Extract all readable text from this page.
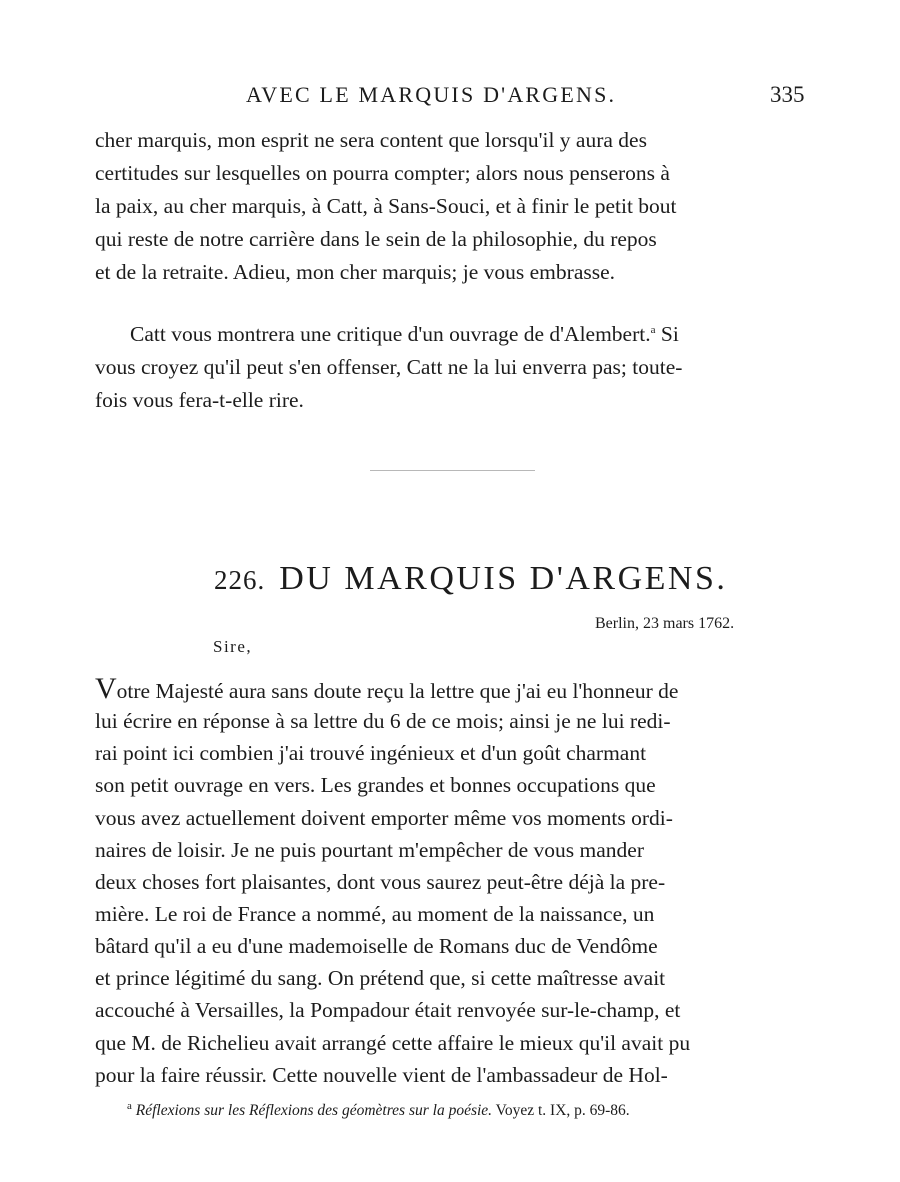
AVEC LE MARQUIS D'ARGENS.	335
cher marquis, mon esprit ne sera content que lorsqu'il y aura des
certitudes sur lesquelles on pourra compter; alors nous penserons à
la paix, au cher marquis, à Catt, à Sans-Souci, et à finir le petit bout
qui reste de notre carrière dans le sein de la philosophie, du repos
et de la retraite. Adieu, mon cher marquis; je vous embrasse.
Catt vous montrera une critique d'un ouvrage de d'Alembert.$^a$ Si
vous croyez qu'il peut s'en offenser, Catt ne la lui enverra pas; toute-
fois vous fera-t-elle rire.
226. DU MARQUIS D'ARGENS.
Berlin, 23 mars 1762.
Sire,
Votre Majesté aura sans doute reçu la lettre que j'ai eu l'honneur de
lui écrire en réponse à sa lettre du 6 de ce mois; ainsi je ne lui redi-
rai point ici combien j'ai trouvé ingénieux et d'un goût charmant
son petit ouvrage en vers. Les grandes et bonnes occupations que
vous avez actuellement doivent emporter même vos moments ordi-
naires de loisir. Je ne puis pourtant m'empêcher de vous mander
deux choses fort plaisantes, dont vous saurez peut-être déjà la pre-
mière. Le roi de France a nommé, au moment de la naissance, un
bâtard qu'il a eu d'une mademoiselle de Romans duc de Vendôme
et prince légitimé du sang. On prétend que, si cette maîtresse avait
accouché à Versailles, la Pompadour était renvoyée sur-le-champ, et
que M. de Richelieu avait arrangé cette affaire le mieux qu'il avait pu
pour la faire réussir. Cette nouvelle vient de l'ambassadeur de Hol-
$^a$ Réflexions sur les Réflexions des géomètres sur la poésie. Voyez t. IX, p. 69-86.
